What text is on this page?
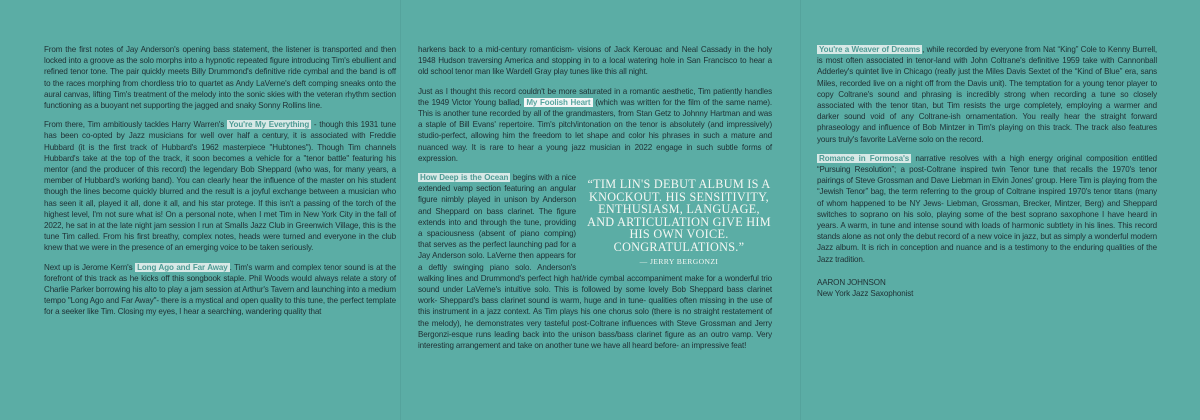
From the first notes of Jay Anderson's opening bass statement, the listener is transported and then locked into a groove as the solo morphs into a hypnotic repeated figure introducing Tim's ebullient and refined tenor tone. The pair quickly meets Billy Drummond's definitive ride cymbal and the band is off to the races morphing from chordless trio to quartet as Andy LaVerne's deft comping sneaks onto the aural canvas, lifting Tim's treatment of the melody into the sonic skies with the veteran rhythm section functioning as a buoyant net supporting the jagged and snaky Sonny Rollins line.

From there, Tim ambitiously tackles Harry Warren's You're My Everything - though this 1931 tune has been co-opted by Jazz musicians for well over half a century, it is associated with Freddie Hubbard (it is the first track of Hubbard's 1962 masterpiece "Hubtones"). Though Tim channels Hubbard's take at the top of the track, it soon becomes a vehicle for a "tenor battle" featuring his mentor (and the producer of this record) the legendary Bob Sheppard (who was, for many years, a member of Hubbard's working band). You can clearly hear the influence of the master on his student though the lines become quickly blurred and the result is a joyful exchange between a musician who has seen it all, played it all, done it all, and his star protege. If this isn't a passing of the torch of the highest level, I'm not sure what is! On a personal note, when I met Tim in New York City in the fall of 2022, he sat in at the late night jam session I run at Smalls Jazz Club in Greenwich Village, this is the tune Tim called. From his first breathy, complex notes, heads were turned and everyone in the club knew that we were in the presence of an emerging voice to be taken seriously.

Next up is Jerome Kern's Long Ago and Far Away . Tim's warm and complex tenor sound is at the forefront of this track as he kicks off this songbook staple. Phil Woods would always relate a story of Charlie Parker borrowing his alto to play a jam session at Arthur's Tavern and launching into a medium tempo "Long Ago and Far Away"- there is a mystical and open quality to this tune, the perfect template for a seeker like Tim. Closing my eyes, I hear a searching, wandering quality that

harkens back to a mid-century romanticism- visions of Jack Kerouac and Neal Cassady in the holy 1948 Hudson traversing America and stopping in to a local watering hole in San Francisco to hear a old school tenor man like Wardell Gray play tunes like this all night.

Just as I thought this record couldn't be more saturated in a romantic aesthetic, Tim patiently handles the 1949 Victor Young ballad, My Foolish Heart (which was written for the film of the same name). This is another tune recorded by all of the grandmasters, from Stan Getz to Johnny Hartman and was a staple of Bill Evans' repertoire. Tim's pitch/intonation on the tenor is absolutely (and impressively) studio-perfect, allowing him the freedom to let shape and color his phrases in such a mature and nuanced way. It is rare to hear a young jazz musician in 2022 engage in such subtle forms of expression.

“TIM LIN'S DEBUT ALBUM IS A KNOCKOUT. HIS SENSITIVITY, ENTHUSIASM, LANGUAGE, AND ARTICULATION GIVE HIM HIS OWN VOICE. CONGRATULATIONS.”
— JERRY BERGONZI

How Deep is the Ocean begins with a nice extended vamp section featuring an angular figure nimbly played in unison by Anderson and Sheppard on bass clarinet. The figure extends into and through the tune, providing a spaciousness (absent of piano comping) that serves as the perfect launching pad for a Jay Anderson solo. LaVerne then appears for a deftly swinging piano solo. Anderson's walking lines and Drummond's perfect high hat/ride cymbal accompaniment make for a wonderful trio sound under LaVerne's intuitive solo. This is followed by some lovely Bob Sheppard bass clarinet work- Sheppard's bass clarinet sound is warm, huge and in tune- qualities often missing in the use of this instrument in a jazz context. As Tim plays his one chorus solo (there is no straight restatement of the melody), he demonstrates very tasteful post-Coltrane influences with Steve Grossman and Jerry Bergonzi-esque runs leading back into the unison bass/bass clarinet figure as an outro vamp. Very interesting arrangement and take on another tune we have all heard before- an impressive feat!

You're a Weaver of Dreams , while recorded by everyone from Nat “King” Cole to Kenny Burrell, is most often associated in tenor-land with John Coltrane's definitive 1959 take with Cannonball Adderley's quintet live in Chicago (really just the Miles Davis Sextet of the “Kind of Blue” era, sans Miles, recorded live on a night off from the Davis unit). The temptation for a young tenor player to copy Coltrane's sound and phrasing is incredibly strong when recording a tune so closely associated with the tenor titan, but Tim resists the urge completely, employing a warmer and darker sound void of any Coltrane-ish ornamentation. You really hear the straight forward phraseology and influence of Bob Mintzer in Tim's playing on this track. The track also features yours truly's favorite LaVerne solo on the record.

Romance in Formosa's narrative resolves with a high energy original composition entitled “Pursuing Resolution”; a post-Coltrane inspired twin Tenor tune that recalls the 1970's tenor pairings of Steve Grossman and Dave Liebman in Elvin Jones' group. Here Tim is playing from the “Jewish Tenor” bag, the term referring to the group of Coltrane inspired 1970's tenor titans (many of whom happened to be NY Jews- Liebman, Grossman, Brecker, Mintzer, Berg) and Sheppard switches to soprano on his solo, playing some of the best soprano saxophone I have heard in years. A warm, in tune and intense sound with loads of harmonic subtlety in his lines. This record stands alone as not only the debut record of a new voice in jazz, but as simply a wonderful modern Jazz album. It is rich in conception and nuance and is a testimony to the enduring qualities of the Jazz tradition.

AARON JOHNSON
New York Jazz Saxophonist
